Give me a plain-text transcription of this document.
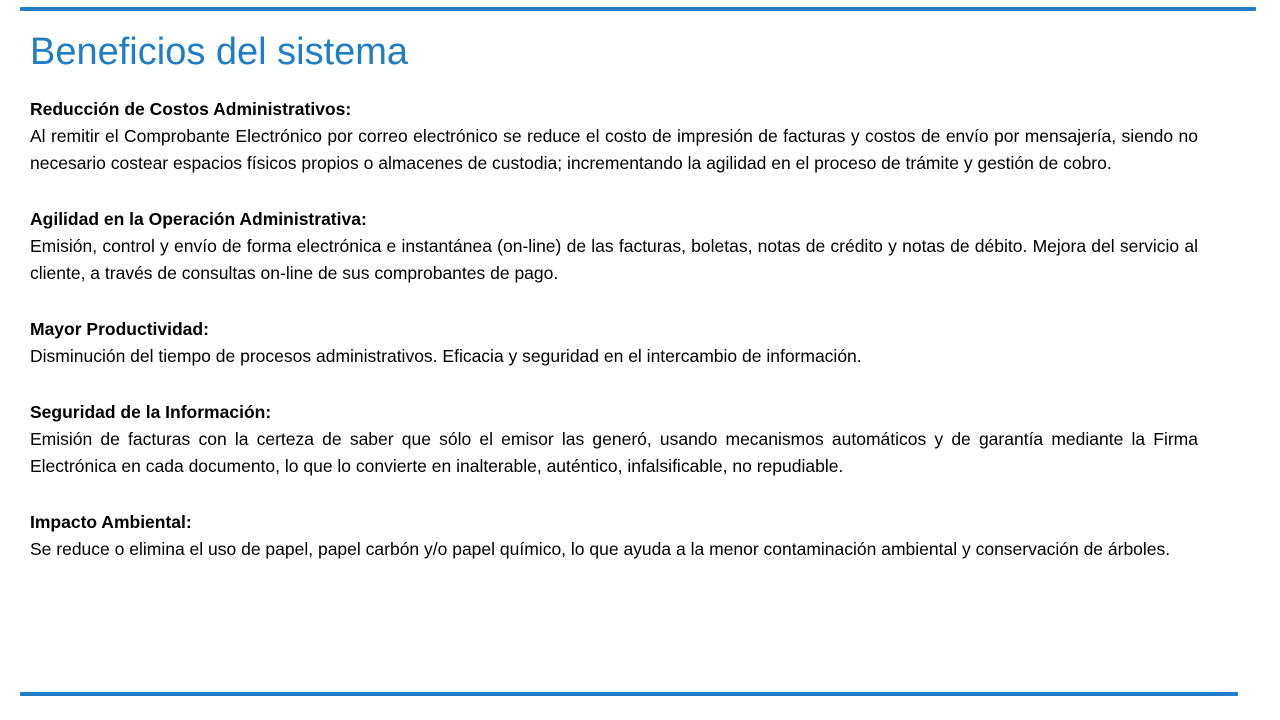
Beneficios del sistema

Reducción de Costos Administrativos:

Al remitir el Comprobante Electrónico por correo electrónico se reduce el costo de impresión de facturas y costos de envío por mensajería, siendo no necesario costear espacios físicos propios o almacenes de custodia; incrementando la agilidad en el proceso de trámite y gestión de cobro.

Agilidad en la Operación Administrativa:

Emisión, control y envío de forma electrónica e instantánea (on-line) de las facturas, boletas, notas de crédito y notas de débito. Mejora del servicio al cliente, a través de consultas on-line de sus comprobantes de pago.

Mayor Productividad:

Disminución del tiempo de procesos administrativos. Eficacia y seguridad en el intercambio de información.

Seguridad de la Información:

Emisión de facturas con la certeza de saber que sólo el emisor las generó, usando mecanismos automáticos y de garantía mediante la Firma Electrónica en cada documento, lo que lo convierte en inalterable, auténtico, infalsificable, no repudiable.

Impacto Ambiental:

Se reduce o elimina el uso de papel, papel carbón y/o papel químico, lo que ayuda a la menor contaminación ambiental y conservación de árboles.
